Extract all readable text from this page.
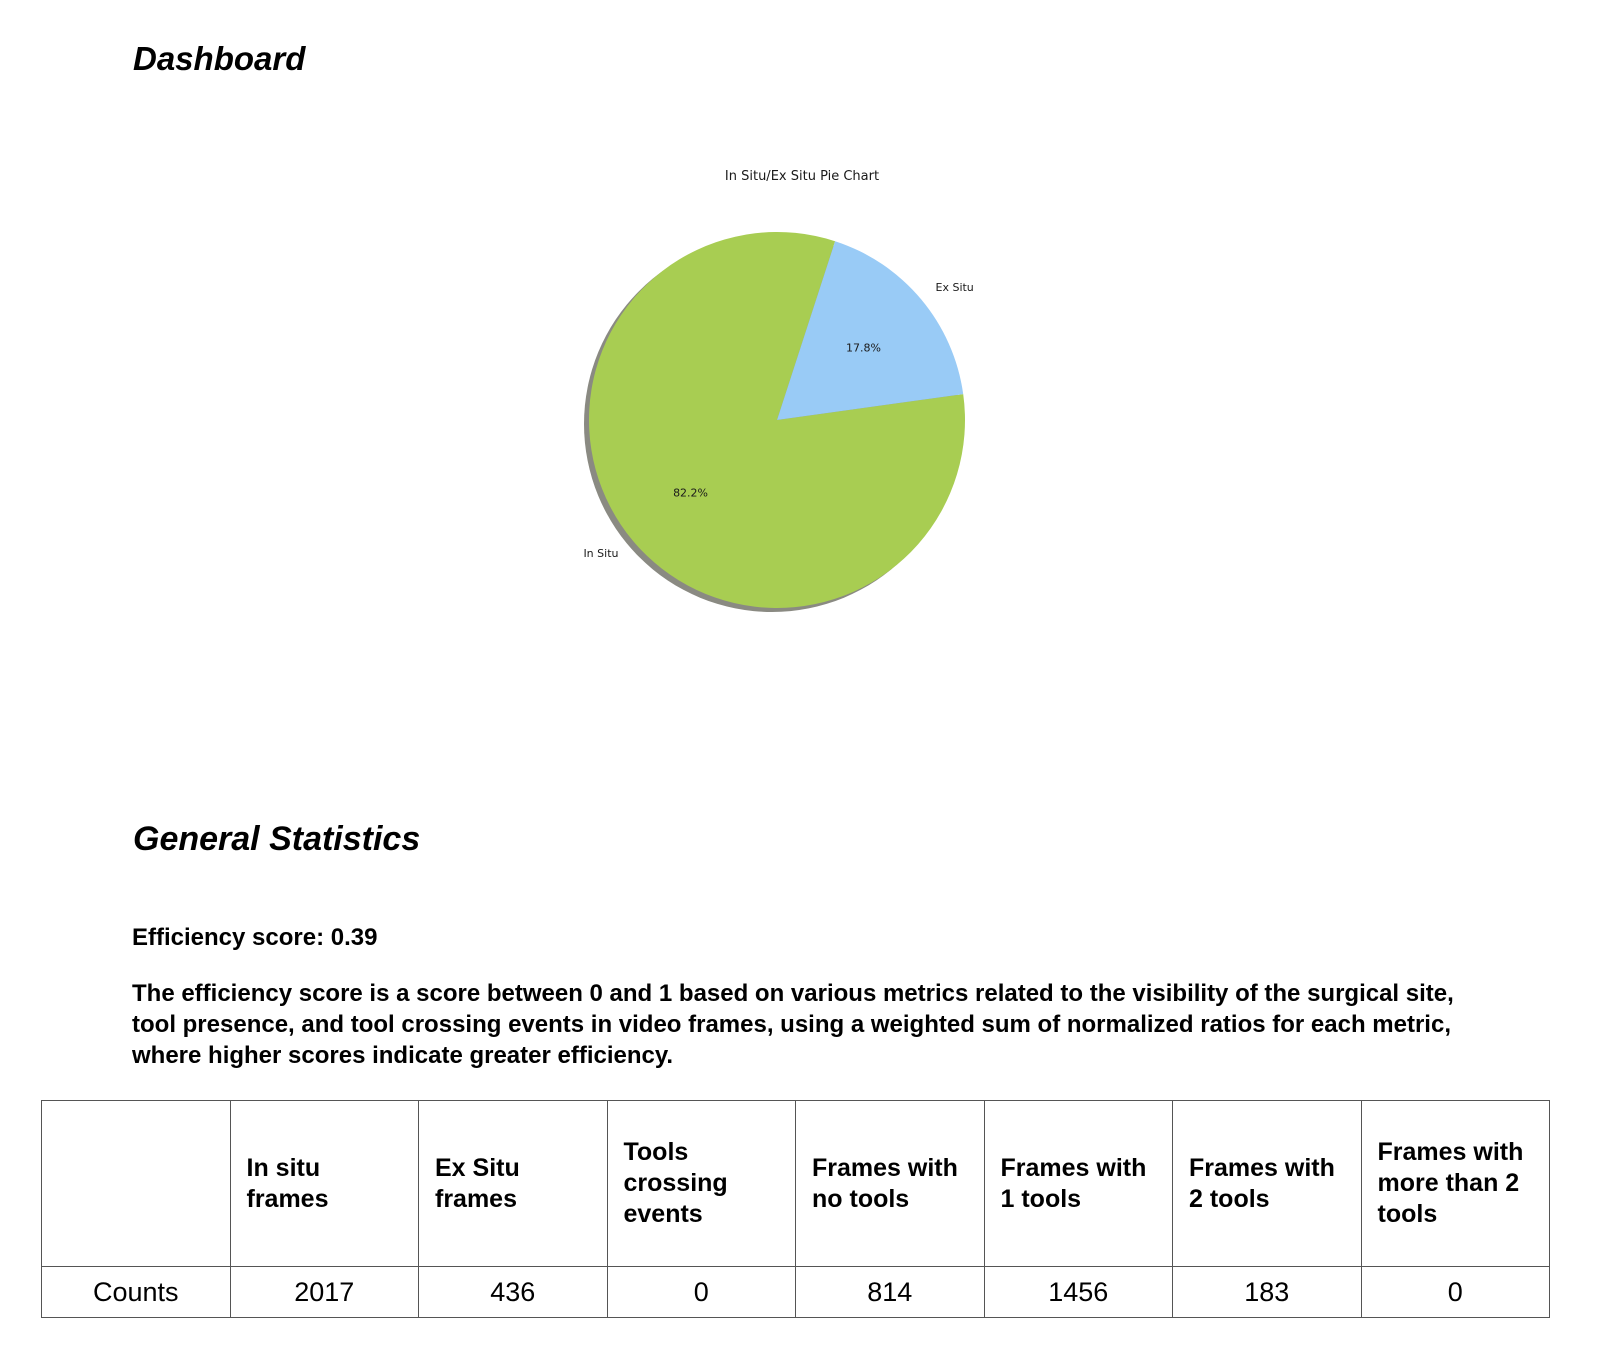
Dashboard
In Situ/Ex Situ Pie Chart
82.2%
In Situ
17.8%
Ex Situ
General Statistics

Efficiency score: 0.39

The efficiency score is a score between 0 and 1 based on various metrics related to the visibility of the surgical site, tool presence, and tool crossing events in video frames, using a weighted sum of normalized ratios for each metric, where higher scores indicate greater efficiency.

	In situ frames	Ex Situ frames	Tools crossing events	Frames with no tools	Frames with 1 tools	Frames with 2 tools	Frames with more than 2 tools
Counts	2017	436	0	814	1456	183	0
